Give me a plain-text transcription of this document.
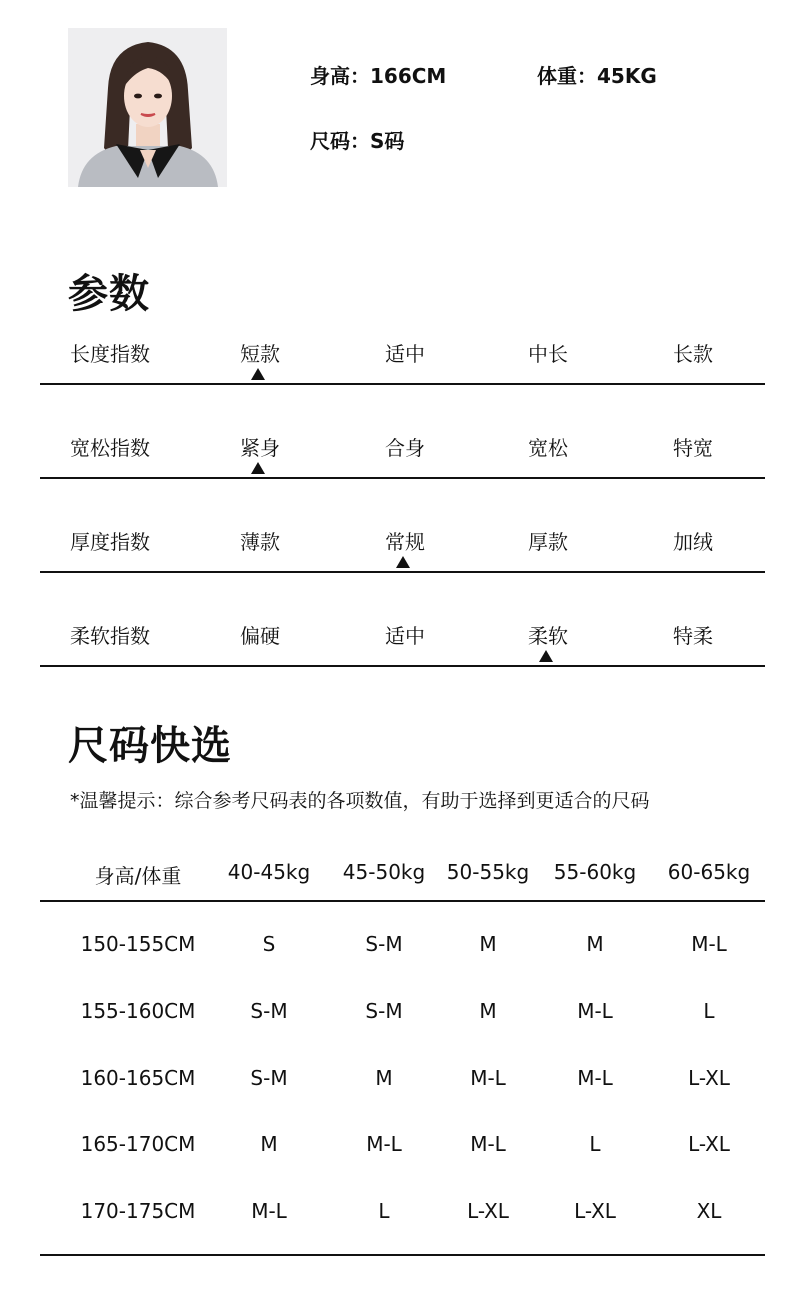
身高：166CM	体重：45KG
尺码：S码
参数
长度指数	短款	适中	中长	长款
宽松指数	紧身	合身	宽松	特宽
厚度指数	薄款	常规	厚款	加绒
柔软指数	偏硬	适中	柔软	特柔
尺码快选
*温馨提示：综合参考尺码表的各项数值，有助于选择到更适合的尺码
身高/体重 40-45kg 45-50kg 50-55kg 55-60kg 60-65kg
150-155CM	S	S-M	M	M	M-L
155-160CM	S-M	S-M	M	M-L	L
160-165CM	S-M	M	M-L	M-L	L-XL
165-170CM	M	M-L	M-L	L	L-XL
170-175CM	M-L	L	L-XL	L-XL	XL
